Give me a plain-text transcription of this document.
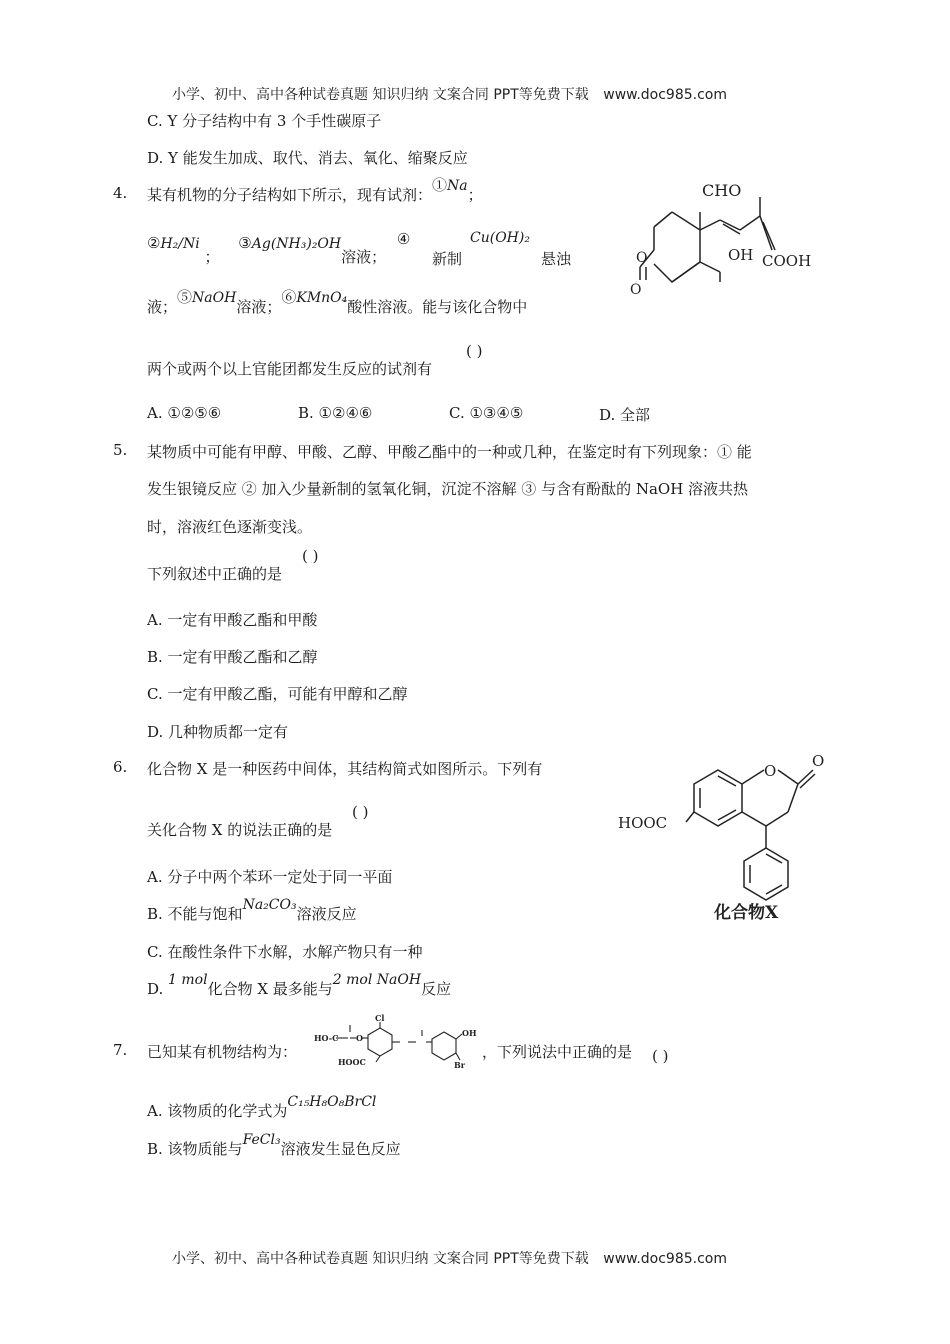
小学、初中、高中各种试卷真题 知识归纳 文案合同 PPT等免费下载 www.doc985.com
C. Y 分子结构中有 3 个手性碳原子
D. Y 能发生加成、取代、消去、氧化、缩聚反应
4. 某有机物的分子结构如下所示，现有试剂：①Na；
②H₂/Ni ； ③Ag(NH₃)₂OH溶液； ④
新制
Cu(OH)₂
悬浊
液；⑤NaOH溶液；⑥KMnO₄酸性溶液。能与该化合物中
两个或两个以上官能团都发生反应的试剂有
( )
A. ①②⑤⑥	B. ①②④⑥	C. ①③④⑤	D. 全部
O
O
CHO
OH COOH
5. 某物质中可能有甲醇、甲酸、乙醇、甲酸乙酯中的一种或几种，在鉴定时有下列现象：① 能
发生银镜反应 ② 加入少量新制的氢氧化铜，沉淀不溶解 ③ 与含有酚酞的 NaOH 溶液共热
时，溶液红色逐渐变浅。
下列叙述中正确的是
( )
A. 一定有甲酸乙酯和甲酸
B. 一定有甲酸乙酯和乙醇
C. 一定有甲酸乙酯，可能有甲醇和乙醇
D. 几种物质都一定有
6. 化合物 X 是一种医药中间体，其结构简式如图所示。下列有
关化合物 X 的说法正确的是
( )
A. 分子中两个苯环一定处于同一平面
B. 不能与饱和Na₂CO₃溶液反应
C. 在酸性条件下水解，水解产物只有一种
D. 1 mol化合物 X 最多能与2 mol NaOH反应
O
O
HOOC
化合物X
7. 已知某有机物结构为：
HO-C O
Cl
HOOC
OH
Br
，下列说法中正确的是 ( )
A. 该物质的化学式为C₁₅H₈O₈BrCl
B. 该物质能与FeCl₃溶液发生显色反应
小学、初中、高中各种试卷真题 知识归纳 文案合同 PPT等免费下载 www.doc985.com
